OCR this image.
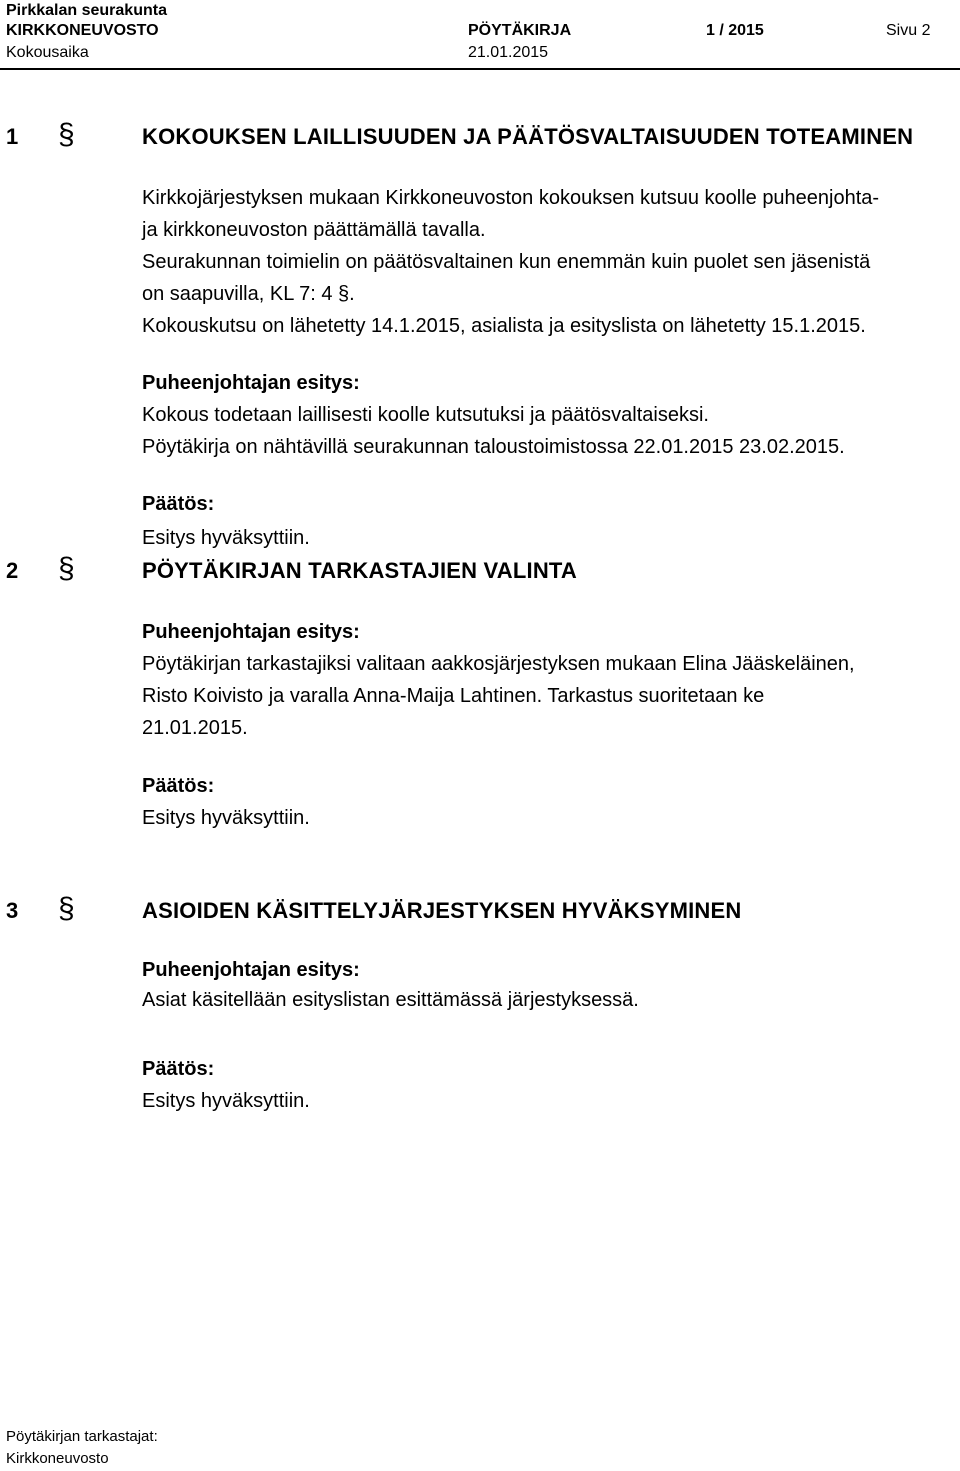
Pirkkalan seurakunta
KIRKKONEUVOSTO	PÖYTÄKIRJA	1 / 2015	Sivu 2
Kokousaika	21.01.2015
1 §	KOKOUKSEN LAILLISUUDEN JA PÄÄTÖSVALTAISUUDEN TOTEAMINEN
Kirkkojärjestyksen mukaan Kirkkoneuvoston kokouksen kutsuu koolle puheenjohta-
ja kirkkoneuvoston päättämällä tavalla.
Seurakunnan toimielin on päätösvaltainen kun enemmän kuin puolet sen jäsenistä
on saapuvilla, KL 7: 4 §.
Kokouskutsu on lähetetty 14.1.2015, asialista ja esityslista on lähetetty 15.1.2015.
Puheenjohtajan esitys:
Kokous todetaan laillisesti koolle kutsutuksi ja päätösvaltaiseksi.
Pöytäkirja on nähtävillä seurakunnan taloustoimistossa 22.01.2015 23.02.2015.
Päätös:
Esitys hyväksyttiin.
2 §	PÖYTÄKIRJAN TARKASTAJIEN VALINTA
Puheenjohtajan esitys:
Pöytäkirjan tarkastajiksi valitaan aakkosjärjestyksen mukaan Elina Jääskeläinen,
Risto Koivisto ja varalla Anna-Maija Lahtinen. Tarkastus suoritetaan ke
21.01.2015.
Päätös:
Esitys hyväksyttiin.
3 §	ASIOIDEN KÄSITTELYJÄRJESTYKSEN HYVÄKSYMINEN
Puheenjohtajan esitys:
Asiat käsitellään esityslistan esittämässä järjestyksessä.
Päätös:
Esitys hyväksyttiin.
Pöytäkirjan tarkastajat:
Kirkkoneuvosto
